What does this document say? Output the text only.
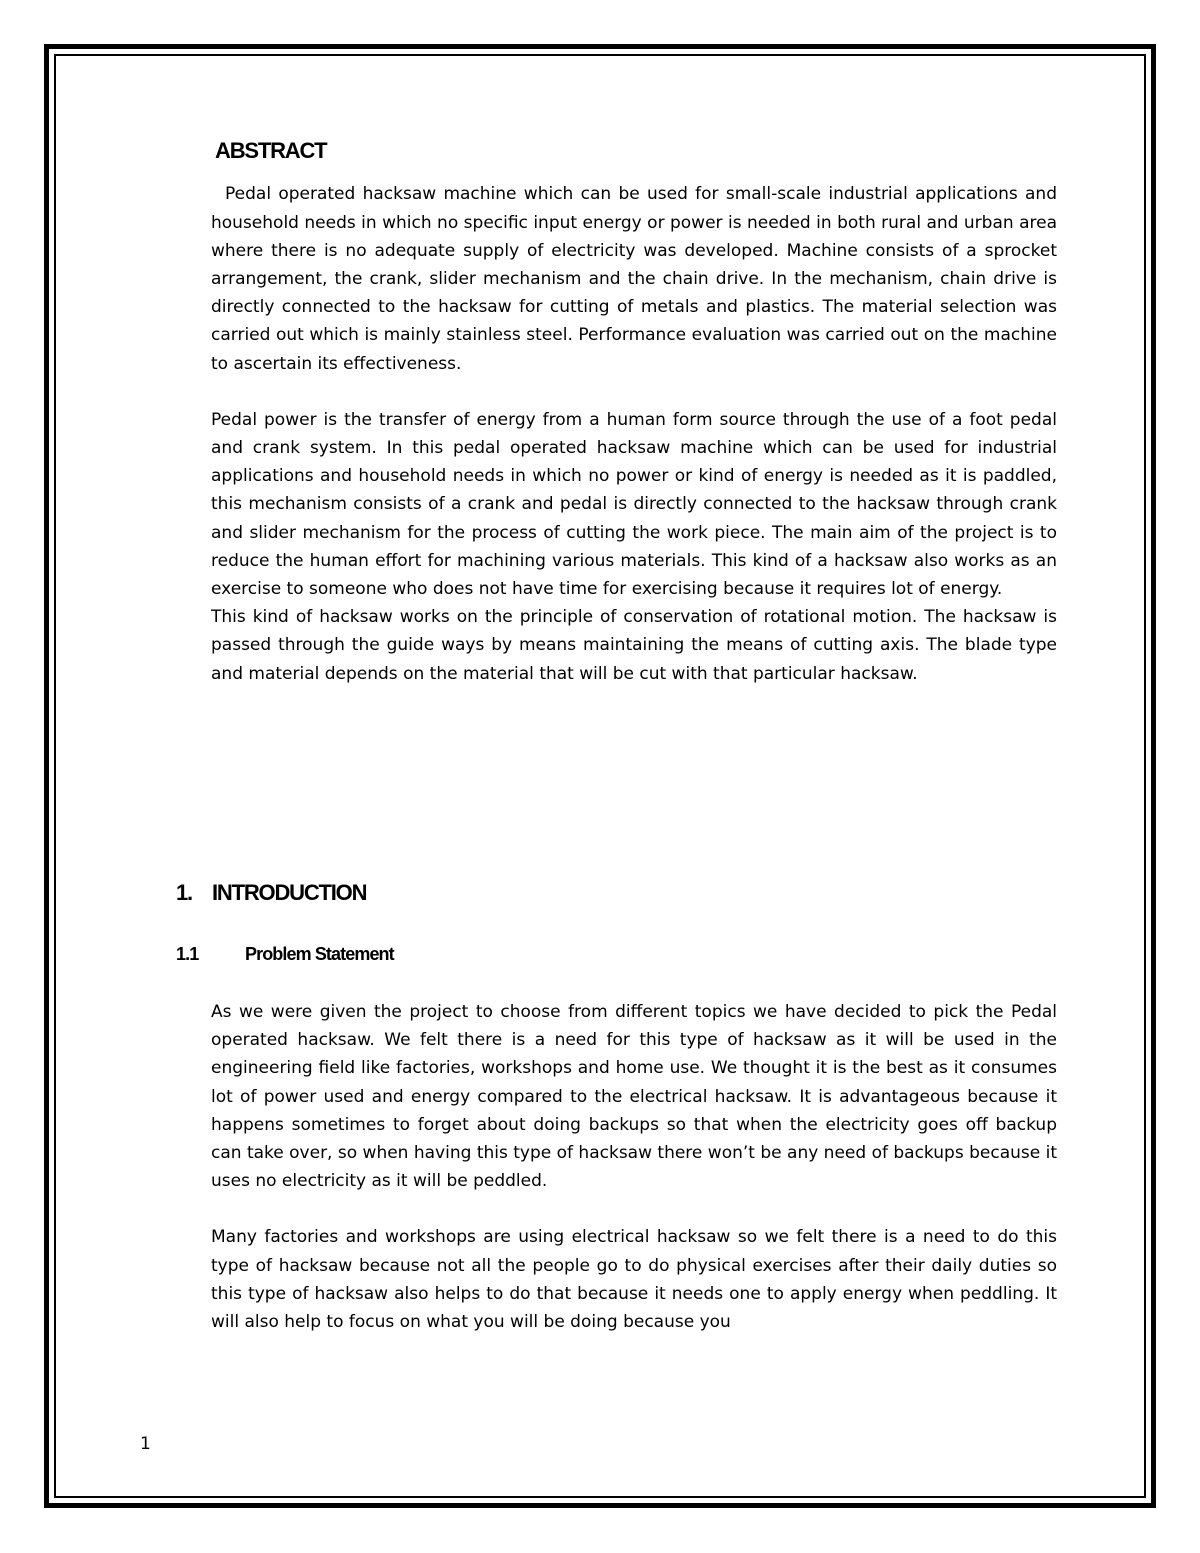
ABSTRACT

Pedal operated hacksaw machine which can be used for small-scale industrial applications and household needs in which no specific input energy or power is needed in both rural and urban area where there is no adequate supply of electricity was developed. Machine consists of a sprocket arrangement, the crank, slider mechanism and the chain drive. In the mechanism, chain drive is directly connected to the hacksaw for cutting of metals and plastics. The material selection was carried out which is mainly stainless steel. Performance evaluation was carried out on the machine to ascertain its effectiveness.

Pedal power is the transfer of energy from a human form source through the use of a foot pedal and crank system. In this pedal operated hacksaw machine which can be used for industrial applications and household needs in which no power or kind of energy is needed as it is paddled, this mechanism consists of a crank and pedal is directly connected to the hacksaw through crank and slider mechanism for the process of cutting the work piece. The main aim of the project is to reduce the human effort for machining various materials. This kind of a hacksaw also works as an exercise to someone who does not have time for exercising because it requires lot of energy.

This kind of hacksaw works on the principle of conservation of rotational motion. The hacksaw is passed through the guide ways by means maintaining the means of cutting axis. The blade type and material depends on the material that will be cut with that particular hacksaw.

1. INTRODUCTION
1.1	Problem Statement

As we were given the project to choose from different topics we have decided to pick the Pedal operated hacksaw. We felt there is a need for this type of hacksaw as it will be used in the engineering field like factories, workshops and home use. We thought it is the best as it consumes lot of power used and energy compared to the electrical hacksaw. It is advantageous because it happens sometimes to forget about doing backups so that when the electricity goes off backup can take over, so when having this type of hacksaw there won’t be any need of backups because it uses no electricity as it will be peddled.

Many factories and workshops are using electrical hacksaw so we felt there is a need to do this type of hacksaw because not all the people go to do physical exercises after their daily duties so this type of hacksaw also helps to do that because it needs one to apply energy when peddling. It will also help to focus on what you will be doing because you

1
